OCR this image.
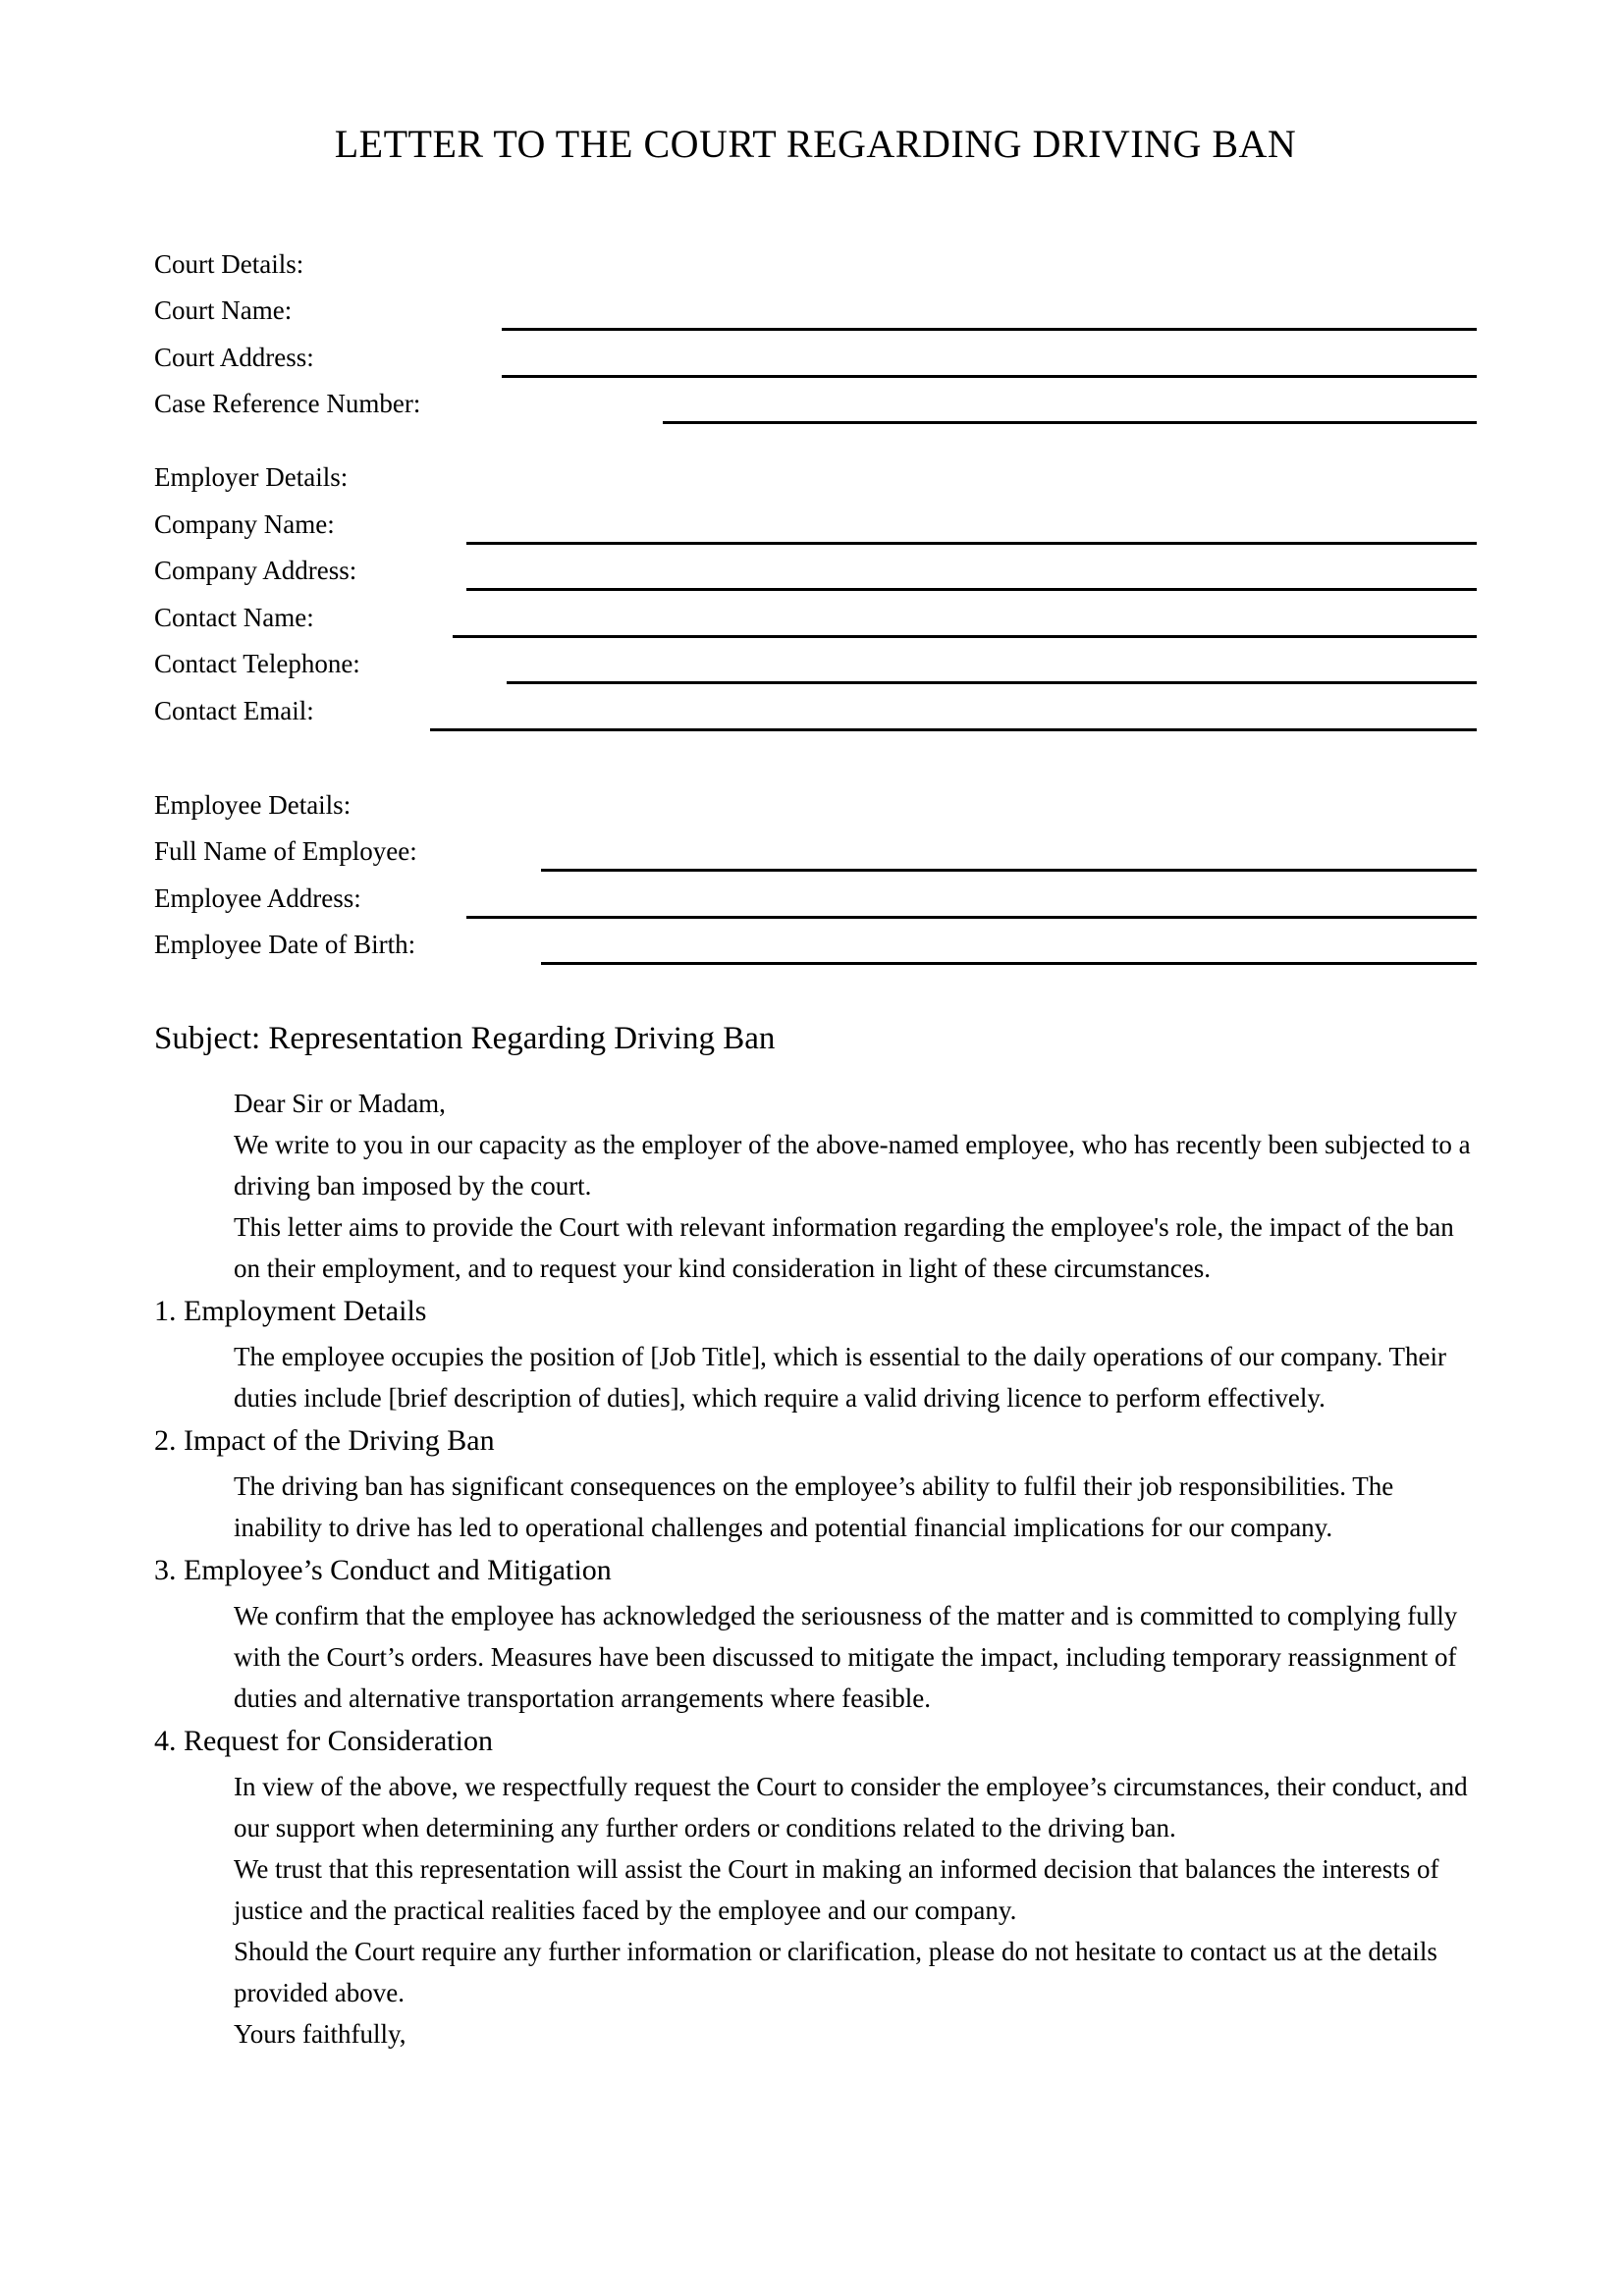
LETTER TO THE COURT REGARDING DRIVING BAN
Court Details:
Court Name:
Court Address:
Case Reference Number:
Employer Details:
Company Name:
Company Address:
Contact Name:
Contact Telephone:
Contact Email:
Employee Details:
Full Name of Employee:
Employee Address:
Employee Date of Birth:
Subject: Representation Regarding Driving Ban

Dear Sir or Madam,

We write to you in our capacity as the employer of the above-named employee, who has recently been subjected to a driving ban imposed by the court.

This letter aims to provide the Court with relevant information regarding the employee's role, the impact of the ban on their employment, and to request your kind consideration in light of these circumstances.

1. Employment Details

The employee occupies the position of [Job Title], which is essential to the daily operations of our company. Their duties include [brief description of duties], which require a valid driving licence to perform effectively.

2. Impact of the Driving Ban

The driving ban has significant consequences on the employee’s ability to fulfil their job responsibilities. The inability to drive has led to operational challenges and potential financial implications for our company.

3. Employee’s Conduct and Mitigation

We confirm that the employee has acknowledged the seriousness of the matter and is committed to complying fully with the Court’s orders. Measures have been discussed to mitigate the impact, including temporary reassignment of duties and alternative transportation arrangements where feasible.

4. Request for Consideration

In view of the above, we respectfully request the Court to consider the employee’s circumstances, their conduct, and our support when determining any further orders or conditions related to the driving ban.

We trust that this representation will assist the Court in making an informed decision that balances the interests of justice and the practical realities faced by the employee and our company.

Should the Court require any further information or clarification, please do not hesitate to contact us at the details provided above.

Yours faithfully,
